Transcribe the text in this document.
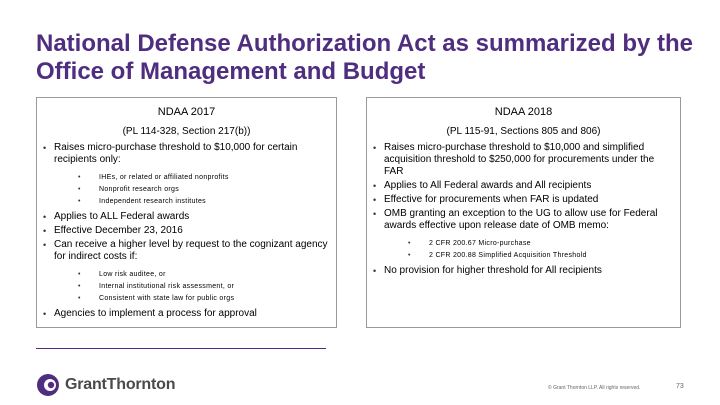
National Defense Authorization Act as summarized by the Office of Management and Budget
NDAA 2017
(PL 114-328, Section 217(b))
• Raises micro-purchase threshold to $10,000 for certain recipients only:
• IHEs, or related or affiliated nonprofits
• Nonprofit research orgs
• Independent research institutes
• Applies to ALL Federal awards
• Effective December 23, 2016
• Can receive a higher level by request to the cognizant agency for indirect costs if:
• Low risk auditee, or
• Internal institutional risk assessment, or
• Consistent with state law for public orgs
• Agencies to implement a process for approval
NDAA 2018
(PL 115-91, Sections 805 and 806)
• Raises micro-purchase threshold to $10,000 and simplified acquisition threshold to $250,000 for procurements under the FAR
• Applies to All Federal awards and All recipients
• Effective for procurements when FAR is updated
• OMB granting an exception to the UG to allow use for Federal awards effective upon release date of OMB memo:
• 2 CFR 200.67 Micro-purchase
• 2 CFR 200.88 Simplified Acquisition Threshold
• No provision for higher threshold for All recipients
GrantThornton	© Grant Thornton LLP. All rights reserved.	73
